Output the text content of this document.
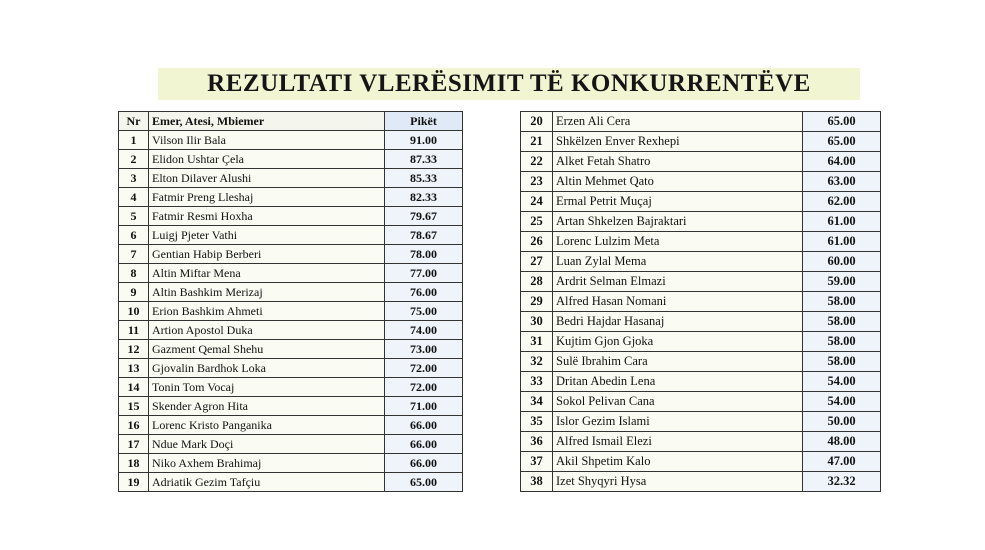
REZULTATI VLERËSIMIT TË KONKURRENTËVE
Nr	Emer, Atesi, Mbiemer	Pikët
1	Vilson Ilir Bala	91.00
2	Elidon Ushtar Çela	87.33
3	Elton Dilaver Alushi	85.33
4	Fatmir Preng Lleshaj	82.33
5	Fatmir Resmi Hoxha	79.67
6	Luigj Pjeter Vathi	78.67
7	Gentian Habip Berberi	78.00
8	Altin Miftar Mena	77.00
9	Altin Bashkim Merizaj	76.00
10	Erion Bashkim Ahmeti	75.00
11	Artion Apostol Duka	74.00
12	Gazment Qemal Shehu	73.00
13	Gjovalin Bardhok Loka	72.00
14	Tonin Tom Vocaj	72.00
15	Skender Agron Hita	71.00
16	Lorenc Kristo Panganika	66.00
17	Ndue Mark Doçi	66.00
18	Niko Axhem Brahimaj	66.00
19	Adriatik Gezim Tafçiu	65.00
20	Erzen Ali Cera	65.00
21	Shkëlzen Enver Rexhepi	65.00
22	Alket Fetah Shatro	64.00
23	Altin Mehmet Qato	63.00
24	Ermal Petrit Muçaj	62.00
25	Artan Shkelzen Bajraktari	61.00
26	Lorenc Lulzim Meta	61.00
27	Luan Zylal Mema	60.00
28	Ardrit Selman Elmazi	59.00
29	Alfred Hasan Nomani	58.00
30	Bedri Hajdar Hasanaj	58.00
31	Kujtim Gjon Gjoka	58.00
32	Sulë Ibrahim Cara	58.00
33	Dritan Abedin Lena	54.00
34	Sokol Pelivan Cana	54.00
35	Islor Gezim Islami	50.00
36	Alfred Ismail Elezi	48.00
37	Akil Shpetim Kalo	47.00
38	Izet Shyqyri Hysa	32.32
